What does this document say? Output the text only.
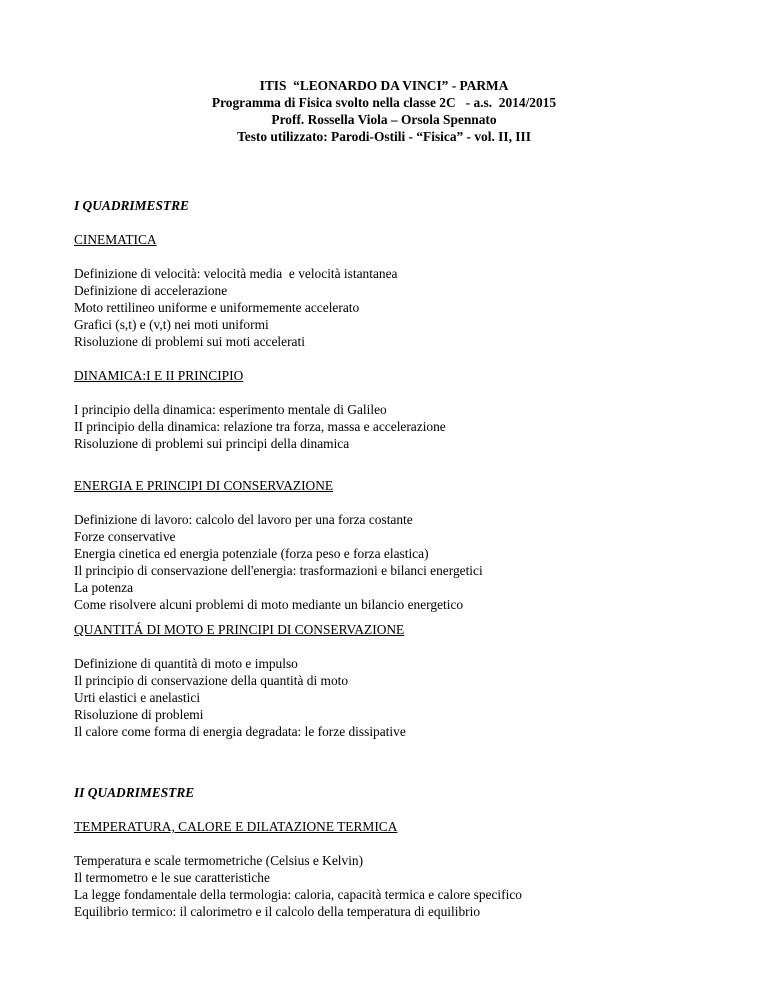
ITIS  “LEONARDO DA VINCI” - PARMA
Programma di Fisica svolto nella classe 2C   - a.s.  2014/2015
Proff. Rossella Viola – Orsola Spennato
Testo utilizzato: Parodi-Ostili - “Fisica” - vol. II, III
I QUADRIMESTRE
CINEMATICA
Definizione di velocità: velocità media  e velocità istantanea
Definizione di accelerazione
Moto rettilineo uniforme e uniformemente accelerato
Grafici (s,t) e (v,t) nei moti uniformi
Risoluzione di problemi sui moti accelerati
DINAMICA:I E II PRINCIPIO
I principio della dinamica: esperimento mentale di Galileo
II principio della dinamica: relazione tra forza, massa e accelerazione
Risoluzione di problemi sui principi della dinamica
ENERGIA E PRINCIPI DI CONSERVAZIONE
Definizione di lavoro: calcolo del lavoro per una forza costante
Forze conservative
Energia cinetica ed energia potenziale (forza peso e forza elastica)
Il principio di conservazione dell'energia: trasformazioni e bilanci energetici
La potenza
Come risolvere alcuni problemi di moto mediante un bilancio energetico
QUANTITÁ DI MOTO E PRINCIPI DI CONSERVAZIONE
Definizione di quantità di moto e impulso
Il principio di conservazione della quantità di moto
Urti elastici e anelastici
Risoluzione di problemi
Il calore come forma di energia degradata: le forze dissipative
II QUADRIMESTRE
TEMPERATURA, CALORE E DILATAZIONE TERMICA
Temperatura e scale termometriche (Celsius e Kelvin)
Il termometro e le sue caratteristiche
La legge fondamentale della termologia: caloria, capacità termica e calore specifico
Equilibrio termico: il calorimetro e il calcolo della temperatura di equilibrio
